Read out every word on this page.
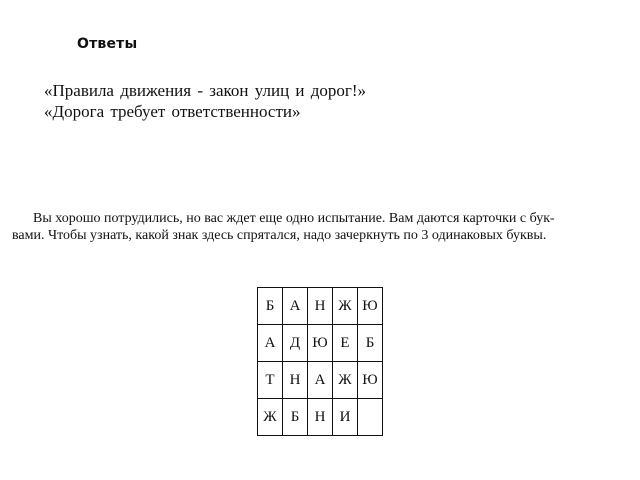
Ответы
«Правила движения - закон улиц и дорог!»
«Дорога требует ответственности»
Вы хорошо потрудились, но вас ждет еще одно испытание. Вам даются карточки с бук-
вами. Чтобы узнать, какой знак здесь спрятался, надо зачеркнуть по 3 одинаковых буквы.
Б	А	Н	Ж	Ю
А	Д	Ю	Е	Б
Т	Н	А	Ж	Ю
Ж	Б	Н	И	
